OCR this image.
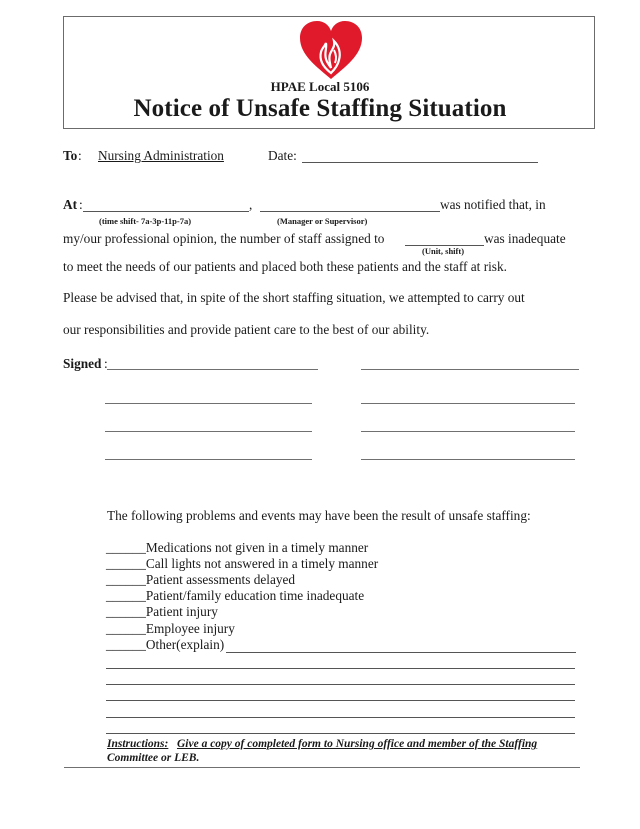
HPAE Local 5106
Notice of Unsafe Staffing Situation
To :	Nursing Administration	Date:
At :	,	was notified that, in
(time shift- 7a-3p-11p-7a)	(Manager or Supervisor)
my/our professional opinion, the number of staff assigned to	was inadequate
(Unit, shift)
to meet the needs of our patients and placed both these patients and the staff at risk.
Please be advised that, in spite of the short staffing situation, we attempted to carry out
our responsibilities and provide patient care to the best of our ability.
Signed :
The following problems and events may have been the result of unsafe staffing:
______Medications not given in a timely manner
______Call lights not answered in a timely manner
______Patient assessments delayed
______Patient/family education time inadequate
______Patient injury
______Employee injury
______Other(explain)
Instructions: Give a copy of completed form to Nursing office and member of the Staffing
Committee or LEB.
